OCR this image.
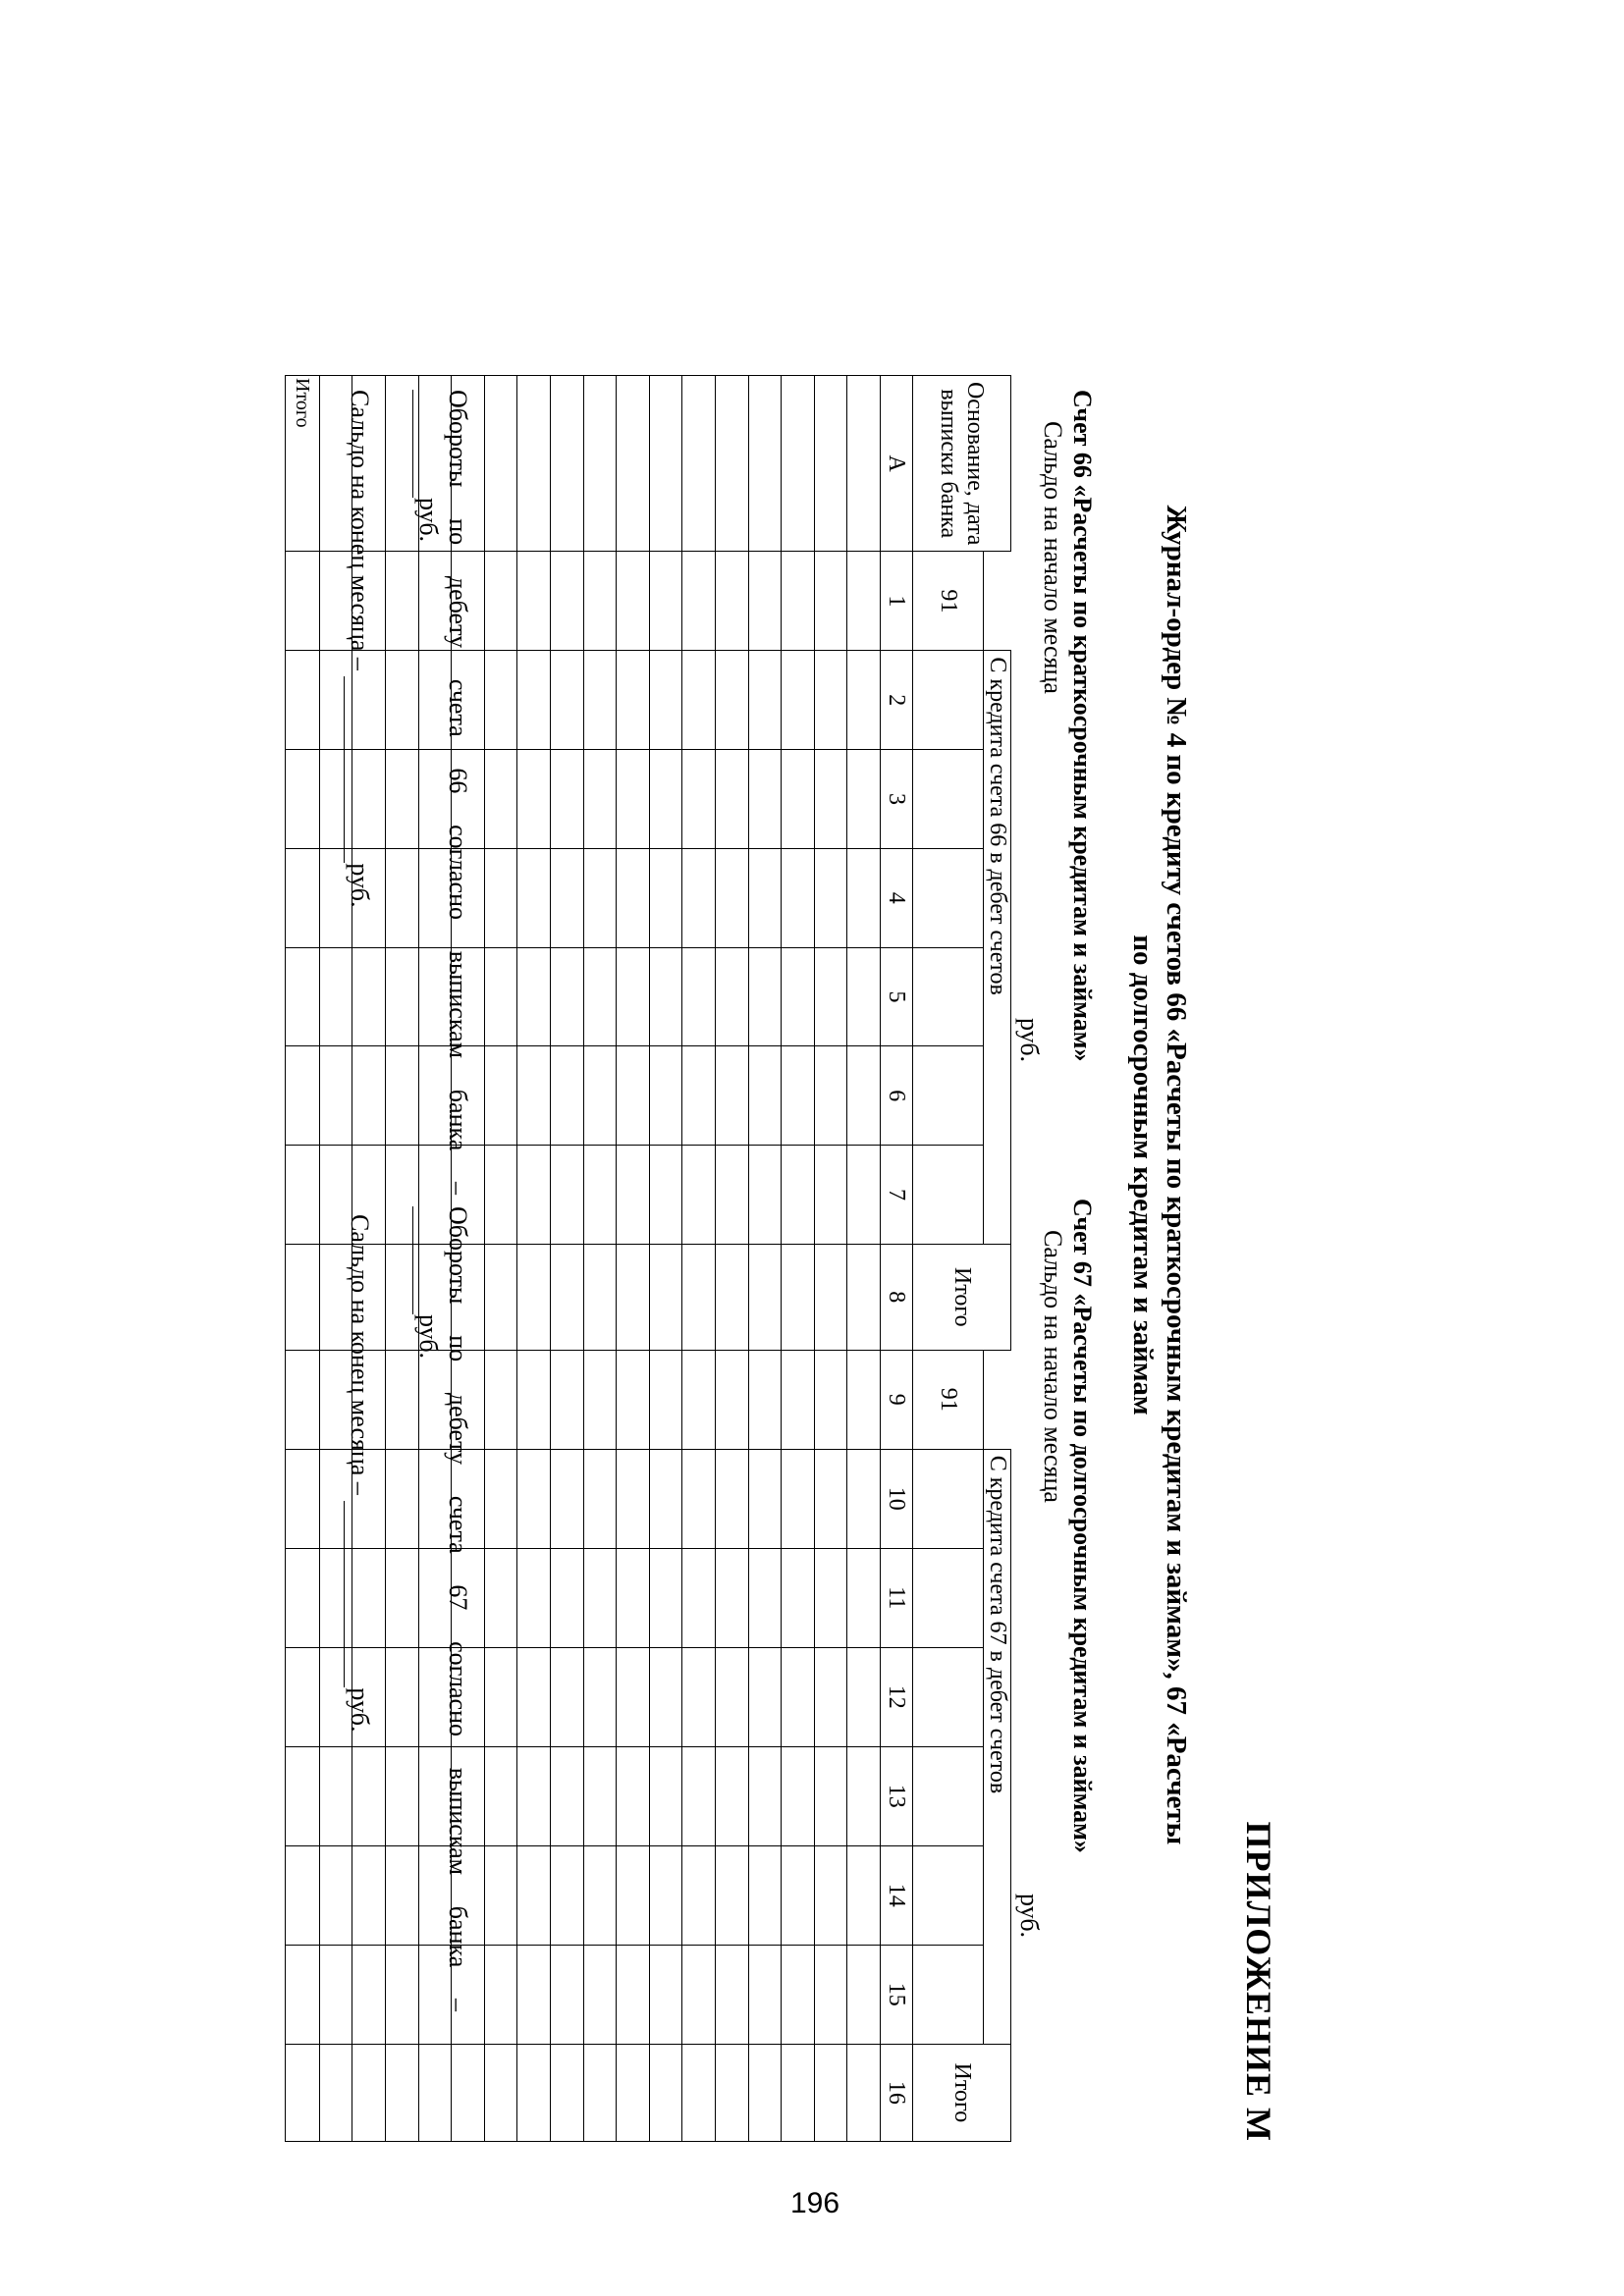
ПРИЛОЖЕНИЕ М
Журнал-ордер № 4 по кредиту счетов 66 «Расчеты по краткосрочным кредитам и займам», 67 «Расчеты
по долгосрочным кредитам и займам
Счет 66 «Расчеты по краткосрочным кредитам и займам»
Сальдо на начало месяца
руб.
Счет 67 «Расчеты по долгосрочным кредитам и займам»
Сальдо на начало месяца
руб.
Основание, дата выписки банка		С кредита счета 66 в дебет счетов						Итого		С кредита счета 67 в дебет счетов						Итого
	91								91							
А	1	2	3	4	5	6	7	8	9	10	11	12	13	14	15	16

Итого																	Обороты по дебету счета 66 согласно выпискам банка –
руб.
Сальдо на конец месяца –  руб.
Обороты по дебету счета 67 согласно выпискам банка –
руб.
Сальдо на конец месяца –  руб.
196
